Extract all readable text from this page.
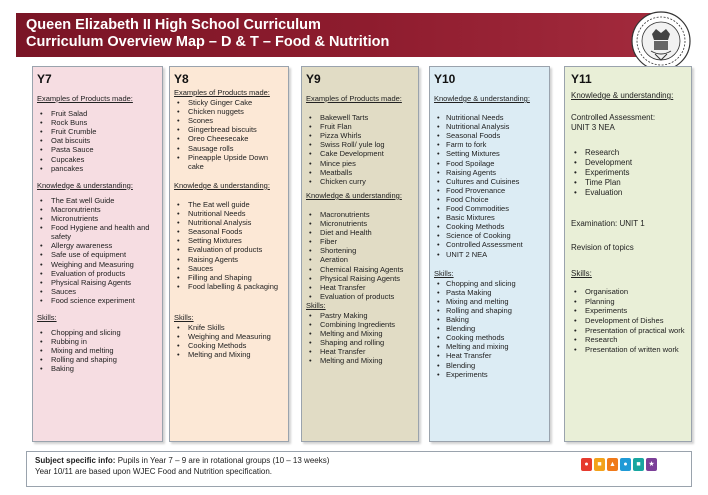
Queen Elizabeth II High School Curriculum
Curriculum Overview Map – D & T – Food & Nutrition
Y7
Examples of Products made:
• Fruit Salad
• Rock Buns
• Fruit Crumble
• Oat biscuits
• Pasta Sauce
• Cupcakes
• pancakes
Knowledge & understanding:
• The Eat well Guide
• Macronutrients
• Micronutrients
• Food Hygiene and health and safety
• Allergy awareness
• Safe use of equipment
• Weighing and Measuring
• Evaluation of products
• Physical Raising Agents
• Sauces
• Food science experiment
Skills:
• Chopping and slicing
• Rubbing in
• Mixing and melting
• Rolling and shaping
• Baking
Y8
Examples of Products made:
• Sticky Ginger Cake
• Chicken nuggets
• Scones
• Gingerbread biscuits
• Oreo Cheesecake
• Sausage rolls
• Pineapple Upside Down cake
Knowledge & understanding:
• The Eat well guide
• Nutritional Needs
• Nutritional Analysis
• Seasonal Foods
• Setting Mixtures
• Evaluation of products
• Raising Agents
• Sauces
• Filling and Shaping
• Food labelling & packaging
Skills:
• Knife Skills
• Weighing and Measuring
• Cooking Methods
• Melting and Mixing
Y9
Examples of Products made:
• Bakewell Tarts
• Fruit Flan
• Pizza Whirls
• Swiss Roll/ yule log
• Cake Development
• Mince pies
• Meatballs
• Chicken curry
Knowledge & understanding:
• Macronutrients
• Micronutrients
• Diet and Health
• Fiber
• Shortening
• Aeration
• Chemical Raising Agents
• Physical Raising Agents
• Heat Transfer
• Evaluation of products
Skills:
• Pastry Making
• Combining Ingredients
• Melting and Mixing
• Shaping and rolling
• Heat Transfer
• Melting and Mixing
Y10
Knowledge & understanding:
• Nutritional Needs
• Nutritional Analysis
• Seasonal Foods
• Farm to fork
• Setting Mixtures
• Food Spoilage
• Raising Agents
• Cultures and Cuisines
• Food Provenance
• Food Choice
• Food Commodities
• Basic Mixtures
• Cooking Methods
• Science of Cooking
• Controlled Assessment
• UNIT 2 NEA
Skills:
• Chopping and slicing
• Pasta Making
• Mixing and melting
• Rolling and shaping
• Baking
• Blending
• Cooking methods
• Melting and mixing
• Heat Transfer
• Blending
• Experiments
Y11
Knowledge & understanding:
Controlled Assessment:
UNIT 3 NEA
• Research
• Development
• Experiments
• Time Plan
• Evaluation
Examination: UNIT 1
Revision of topics
Skills:
• Organisation
• Planning
• Experiments
• Development of Dishes
• Presentation of practical work
• Research
• Presentation of written work
Subject specific info: Pupils in Year 7 – 9 are in rotational groups (10 – 13 weeks)
Year 10/11 are based upon WJEC Food and Nutrition specification.
●	■	▲	●	■	★
